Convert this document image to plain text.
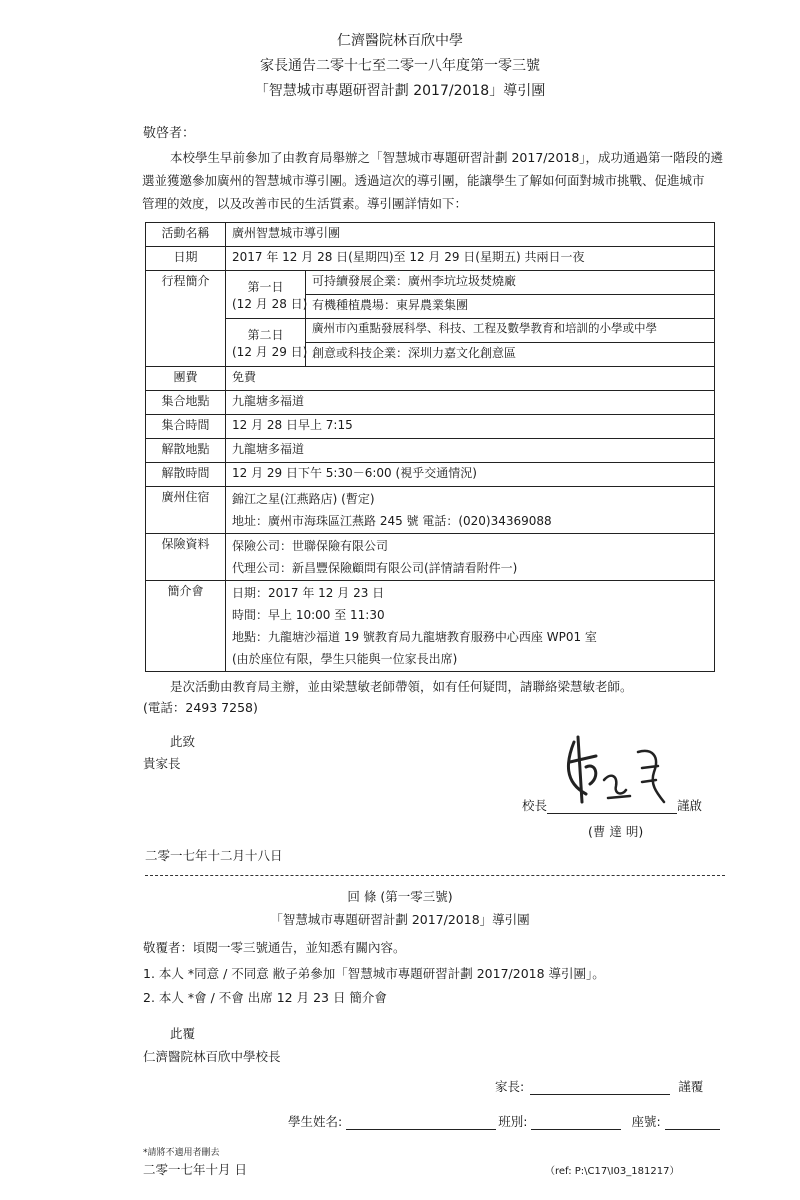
仁濟醫院林百欣中學
家長通告二零十七至二零一八年度第一零三號
「智慧城市專題研習計劃 2017/2018」導引團
敬啓者：
本校學生早前參加了由教育局舉辦之「智慧城市專題研習計劃 2017/2018」，成功通過第一階段的遴
選並獲邀參加廣州的智慧城市導引團。透過這次的導引團，能讓學生了解如何面對城市挑戰、促進城市
管理的效度，以及改善市民的生活質素。導引團詳情如下：
活動名稱	廣州智慧城市導引團	
日期	2017 年 12 月 28 日(星期四)至 12 月 29 日(星期五) 共兩日一夜	
行程簡介	第一日
(12 月 28 日)	可持續發展企業：廣州李坑垃圾焚燒廠
		有機種植農場：東昇農業集團

	第二日
(12 月 29 日)	廣州市內重點發展科學、科技、工程及數學教育和培訓的小學或中學
		創意或科技企業：深圳力嘉文化創意區
團費	免費	
集合地點	九龍塘多福道	
集合時間	12 月 28 日早上 7:15	
解散地點	九龍塘多福道	
解散時間	12 月 29 日下午 5:30－6:00 (視乎交通情況)	
廣州住宿	錦江之星(江燕路店) (暫定)
地址：廣州市海珠區江燕路 245 號 電話：(020)34369088	

保險資料	保險公司：世聯保險有限公司
代理公司：新昌豐保險顧問有限公司(詳情請看附件一)	

簡介會	日期：2017 年 12 月 23 日
時間：早上 10:00 至 11:30
地點：九龍塘沙福道 19 號教育局九龍塘教育服務中心西座 WP01 室
(由於座位有限，學生只能與一位家長出席)	
是次活動由教育局主辦，並由梁慧敏老師帶領，如有任何疑問，請聯絡梁慧敏老師。
(電話：2493 7258)
此致
貴家長
校長	謹啟
(曹 達 明)
二零一七年十二月十八日
回 條 (第一零三號)
「智慧城市專題研習計劃 2017/2018」導引團
敬覆者：頃閱一零三號通告，並知悉有關內容。
1. 本人 *同意 / 不同意 敝子弟參加「智慧城市專題研習計劃 2017/2018 導引團」。
2. 本人 *會 / 不會 出席 12 月 23 日 簡介會
此覆
仁濟醫院林百欣中學校長
家長:	謹覆
學生姓名:	班別:	座號:
*請將不適用者刪去
二零一七年十月 日	（ref: P:\C17\I03_181217）
